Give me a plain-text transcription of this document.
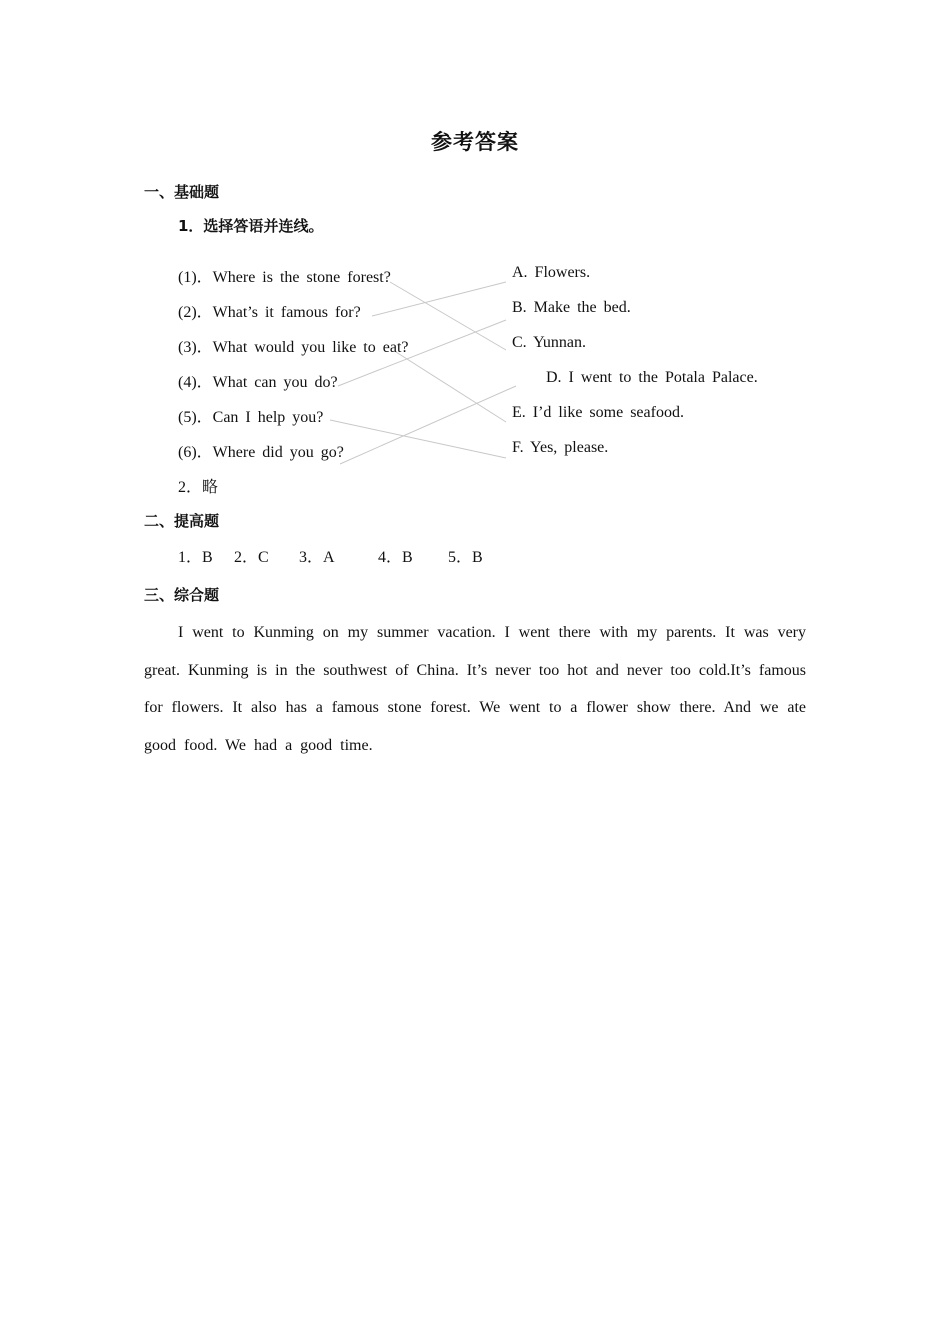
参考答案
一、基础题
1．选择答语并连线。
(1)．Where is the stone forest?
(2)．What’s it famous for?
(3)．What would you like to eat?
(4)．What can you do?
(5)．Can I help you?
(6)．Where did you go?
A. Flowers.
B. Make the bed.
C. Yunnan.
D. I went to the Potala Palace.
E. I’d like some seafood.
F. Yes, please.
2．略
二、提高题
1．B 2．C 3．A	4．B 5．B
三、综合题
I went to Kunming on my summer vacation. I went there with my parents. It was very great. Kunming is in the southwest of China. It’s never too hot and never too cold.It’s famous for flowers. It also has a famous stone forest. We went to a flower show there. And we ate good food. We had a good time.
